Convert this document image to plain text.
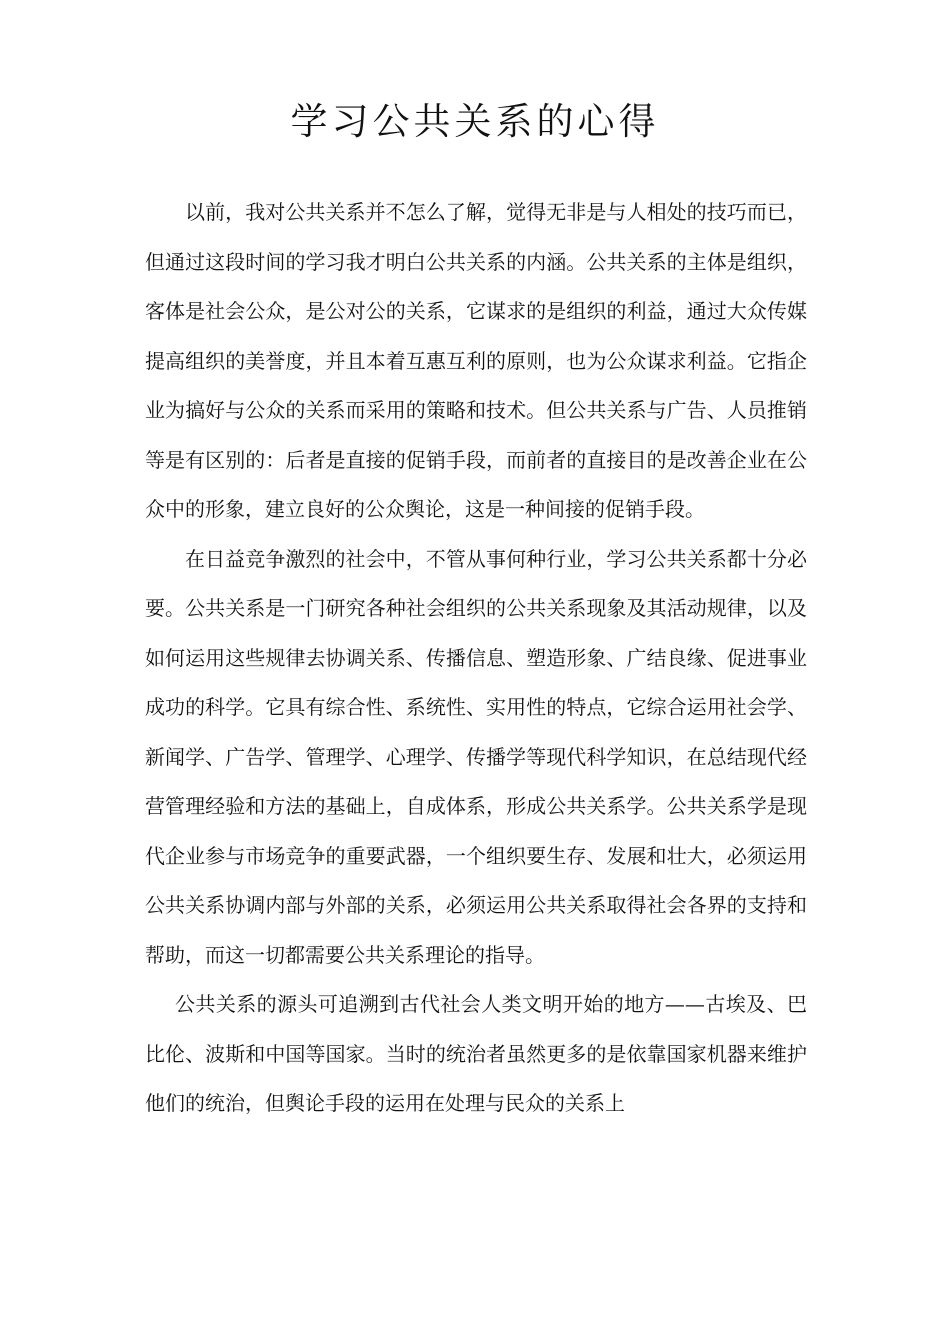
学习公共关系的心得

以前，我对公共关系并不怎么了解，觉得无非是与人相处的技巧而已，但通过这段时间的学习我才明白公共关系的内涵。公共关系的主体是组织，客体是社会公众，是公对公的关系，它谋求的是组织的利益，通过大众传媒提高组织的美誉度，并且本着互惠互利的原则，也为公众谋求利益。它指企业为搞好与公众的关系而采用的策略和技术。但公共关系与广告、人员推销等是有区别的：后者是直接的促销手段，而前者的直接目的是改善企业在公众中的形象，建立良好的公众舆论，这是一种间接的促销手段。

在日益竞争激烈的社会中，不管从事何种行业，学习公共关系都十分必要。公共关系是一门研究各种社会组织的公共关系现象及其活动规律，以及如何运用这些规律去协调关系、传播信息、塑造形象、广结良缘、促进事业成功的科学。它具有综合性、系统性、实用性的特点，它综合运用社会学、新闻学、广告学、管理学、心理学、传播学等现代科学知识，在总结现代经营管理经验和方法的基础上，自成体系，形成公共关系学。公共关系学是现代企业参与市场竞争的重要武器，一个组织要生存、发展和壮大，必须运用公共关系协调内部与外部的关系，必须运用公共关系取得社会各界的支持和帮助，而这一切都需要公共关系理论的指导。

公共关系的源头可追溯到古代社会人类文明开始的地方——古埃及、巴比伦、波斯和中国等国家。当时的统治者虽然更多的是依靠国家机器来维护他们的统治，但舆论手段的运用在处理与民众的关系上
